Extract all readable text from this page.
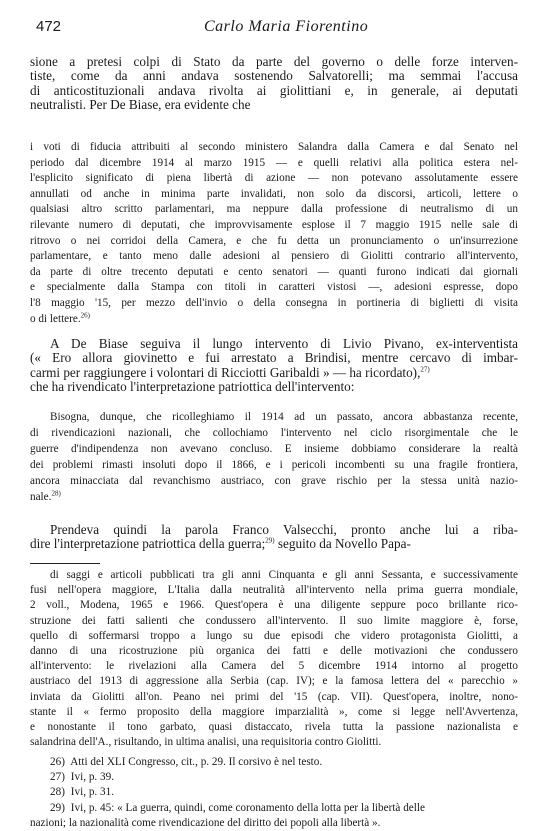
472	Carlo Maria Fiorentino
sione a pretesi colpi di Stato da parte del governo o delle forze interven-
tiste, come da anni andava sostenendo Salvatorelli; ma semmai l'accusa
di anticostituzionali andava rivolta ai giolittiani e, in generale, ai deputati
neutralisti. Per De Biase, era evidente che
i voti di fiducia attribuiti al secondo ministero Salandra dalla Camera e dal Senato nel
periodo dal dicembre 1914 al marzo 1915 — e quelli relativi alla politica estera nel-
l'esplicito significato di piena libertà di azione — non potevano assolutamente essere
annullati od anche in minima parte invalidati, non solo da discorsi, articoli, lettere o
qualsiasi altro scritto parlamentari, ma neppure dalla professione di neutralismo di un
rilevante numero di deputati, che improvvisamente esplose il 7 maggio 1915 nelle sale di
ritrovo o nei corridoi della Camera, e che fu detta un pronunciamento o un'insurrezione
parlamentare, e tanto meno dalle adesioni al pensiero di Giolitti contrario all'intervento,
da parte di oltre trecento deputati e cento senatori — quanti furono indicati dai giornali
e specialmente dalla Stampa con titoli in caratteri vistosi —, adesioni espresse, dopo
l'8 maggio '15, per mezzo dell'invio o della consegna in portineria di biglietti di visita
o di lettere.$^{26)}$
A De Biase seguiva il lungo intervento di Livio Pivano, ex-interventista
(« Ero allora giovinetto e fui arrestato a Brindisi, mentre cercavo di imbar-
carmi per raggiungere i volontari di Ricciotti Garibaldi » — ha ricordato),$^{27)}$
che ha rivendicato l'interpretazione patriottica dell'intervento:
Bisogna, dunque, che ricolleghiamo il 1914 ad un passato, ancora abbastanza recente,
di rivendicazioni nazionali, che collochiamo l'intervento nel ciclo risorgimentale che le
guerre d'indipendenza non avevano concluso. E insieme dobbiamo considerare la realtà
dei problemi rimasti insoluti dopo il 1866, e i pericoli incombenti su una fragile frontiera,
ancora minacciata dal revanchismo austriaco, con grave rischio per la stessa unità nazio-
nale.$^{28)}$
Prendeva quindi la parola Franco Valsecchi, pronto anche lui a riba-
dire l'interpretazione patriottica della guerra;$^{29)}$ seguito da Novello Papa-
di saggi e articoli pubblicati tra gli anni Cinquanta e gli anni Sessanta, e successivamente
fusi nell'opera maggiore, L'Italia dalla neutralità all'intervento nella prima guerra mondiale,
2 voll., Modena, 1965 e 1966. Quest'opera è una diligente seppure poco brillante rico-
struzione dei fatti salienti che condussero all'intervento. Il suo limite maggiore è, forse,
quello di soffermarsi troppo a lungo su due episodi che videro protagonista Giolitti, a
danno di una ricostruzione più organica dei fatti e delle motivazioni che condussero
all'intervento: le rivelazioni alla Camera del 5 dicembre 1914 intorno al progetto
austriaco del 1913 di aggressione alla Serbia (cap. IV); e la famosa lettera del « parecchio »
inviata da Giolitti all'on. Peano nei primi del '15 (cap. VII). Quest'opera, inoltre, nono-
stante il « fermo proposito della maggiore imparzialità », come si legge nell'Avvertenza,
e nonostante il tono garbato, quasi distaccato, rivela tutta la passione nazionalista e
salandrina dell'A., risultando, in ultima analisi, una requisitoria contro Giolitti.
26) Atti del XLI Congresso, cit., p. 29. Il corsivo è nel testo.
27) Ivi, p. 39.
28) Ivi, p. 31.
29) Ivi, p. 45: « La guerra, quindi, come coronamento della lotta per la libertà delle
nazioni; la nazionalità come rivendicazione del diritto dei popoli alla libertà ».
